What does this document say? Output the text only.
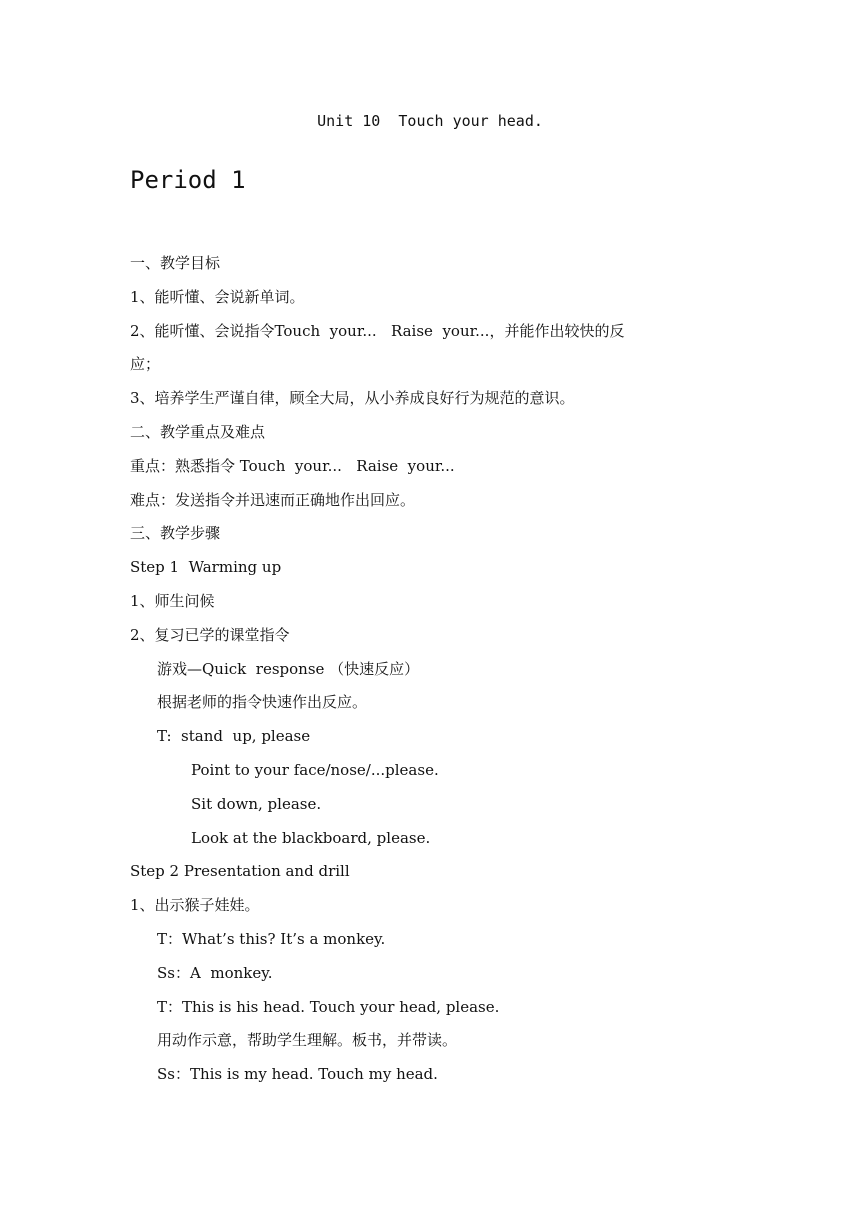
Unit 10  Touch your head.
Period 1
一、教学目标
1、能听懂、会说新单词。
2、能听懂、会说指令Touch  your...   Raise  your...，并能作出较快的反
应；
3、培养学生严谨自律，顾全大局，从小养成良好行为规范的意识。
二、教学重点及难点
重点：熟悉指令 Touch  your...   Raise  your...
难点：发送指令并迅速而正确地作出回应。
三、教学步骤
Step 1  Warming up
1、师生问候
2、复习已学的课堂指令
游戏—Quick  response （快速反应）
根据老师的指令快速作出反应。
T:  stand  up, please
Point to your face/nose/...please.
Sit down, please.
Look at the blackboard, please.
Step 2 Presentation and drill
1、出示猴子娃娃。
T：What’s this? It’s a monkey.
Ss：A  monkey.
T：This is his head. Touch your head, please.
用动作示意，帮助学生理解。板书，并带读。
Ss：This is my head. Touch my head.
